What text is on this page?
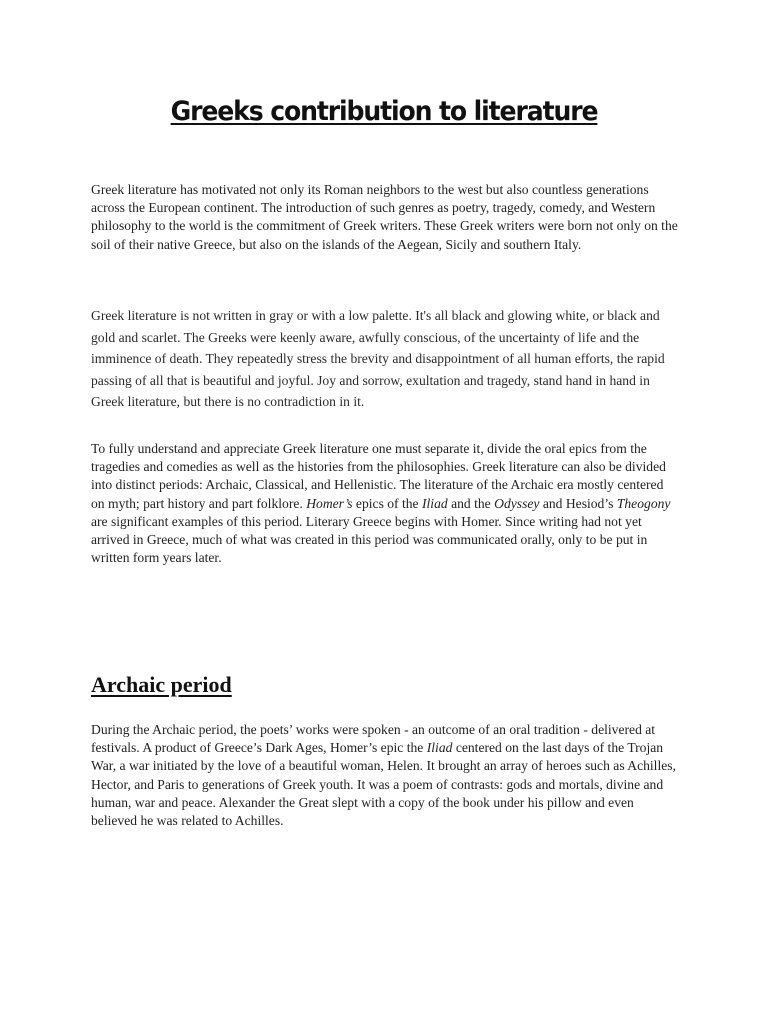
Greeks contribution to literature

Greek literature has motivated not only its Roman neighbors to the west but also countless generations across the European continent. The introduction of such genres as poetry, tragedy, comedy, and Western philosophy to the world is the commitment of Greek writers. These Greek writers were born not only on the soil of their native Greece, but also on the islands of the Aegean, Sicily and southern Italy.

Greek literature is not written in gray or with a low palette. It's all black and glowing white, or black and gold and scarlet. The Greeks were keenly aware, awfully conscious, of the uncertainty of life and the imminence of death. They repeatedly stress the brevity and disappointment of all human efforts, the rapid passing of all that is beautiful and joyful. Joy and sorrow, exultation and tragedy, stand hand in hand in Greek literature, but there is no contradiction in it.

To fully understand and appreciate Greek literature one must separate it, divide the oral epics from the tragedies and comedies as well as the histories from the philosophies. Greek literature can also be divided into distinct periods: Archaic, Classical, and Hellenistic. The literature of the Archaic era mostly centered on myth; part history and part folklore. Homer’s epics of the Iliad and the Odyssey and Hesiod’s Theogony are significant examples of this period. Literary Greece begins with Homer. Since writing had not yet arrived in Greece, much of what was created in this period was communicated orally, only to be put in written form years later.

Archaic period

During the Archaic period, the poets’ works were spoken - an outcome of an oral tradition - delivered at festivals. A product of Greece’s Dark Ages, Homer’s epic the Iliad centered on the last days of the Trojan War, a war initiated by the love of a beautiful woman, Helen. It brought an array of heroes such as Achilles, Hector, and Paris to generations of Greek youth. It was a poem of contrasts: gods and mortals, divine and human, war and peace. Alexander the Great slept with a copy of the book under his pillow and even believed he was related to Achilles.
